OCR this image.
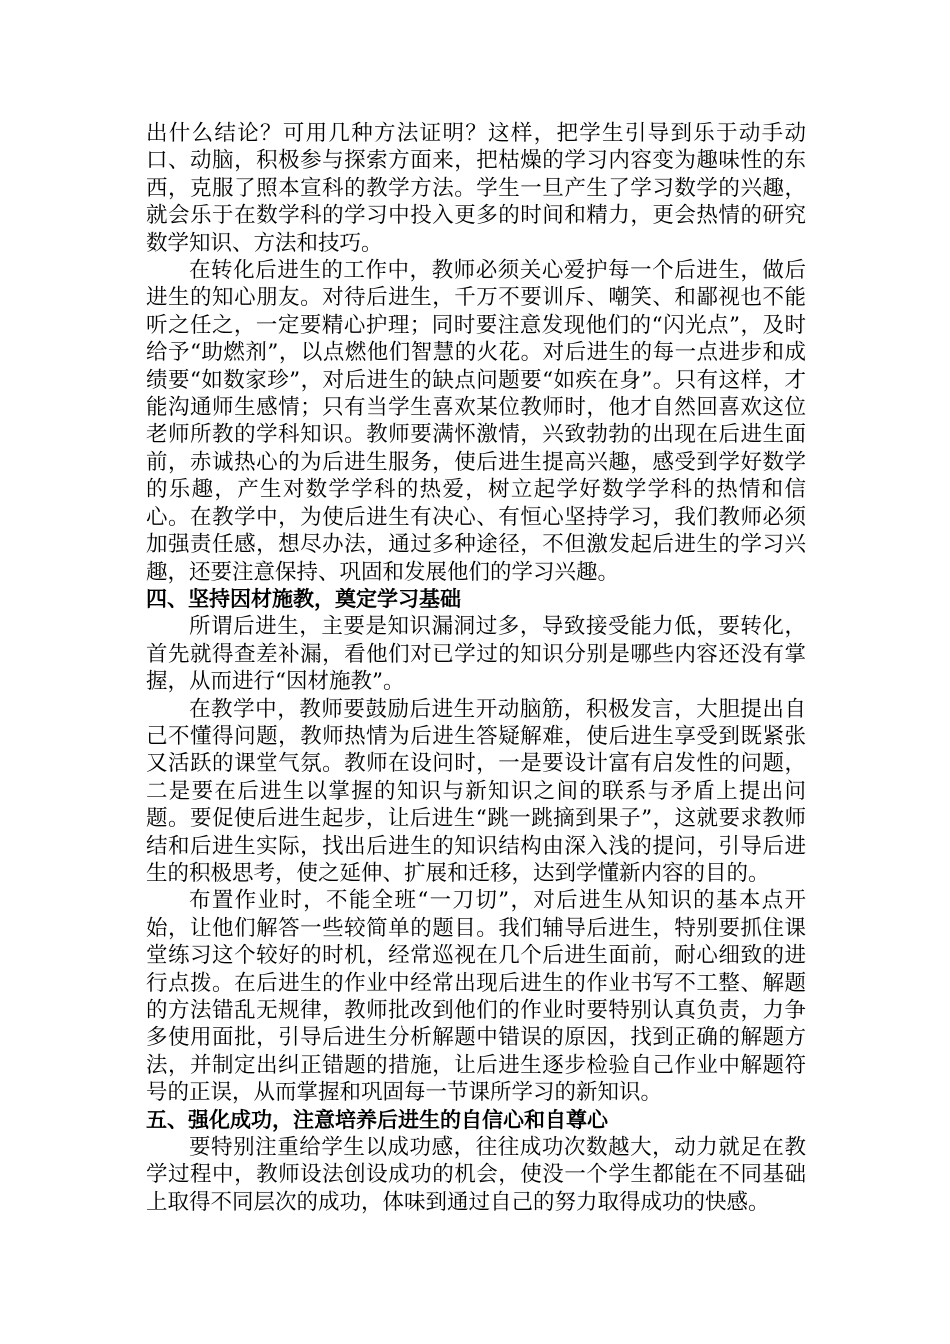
出什么结论？可用几种方法证明？这样，把学生引导到乐于动手动口、动脑，积极参与探索方面来，把枯燥的学习内容变为趣味性的东西，克服了照本宣科的教学方法。学生一旦产生了学习数学的兴趣，就会乐于在数学科的学习中投入更多的时间和精力，更会热情的研究数学知识、方法和技巧。

在转化后进生的工作中，教师必须关心爱护每一个后进生，做后进生的知心朋友。对待后进生，千万不要训斥、嘲笑、和鄙视也不能听之任之，一定要精心护理；同时要注意发现他们的“闪光点”，及时给予“助燃剂”，以点燃他们智慧的火花。对后进生的每一点进步和成绩要“如数家珍”，对后进生的缺点问题要“如疾在身”。只有这样，才能沟通师生感情；只有当学生喜欢某位教师时，他才自然回喜欢这位老师所教的学科知识。教师要满怀激情，兴致勃勃的出现在后进生面前，赤诚热心的为后进生服务，使后进生提高兴趣，感受到学好数学的乐趣，产生对数学学科的热爱，树立起学好数学学科的热情和信心。在教学中，为使后进生有决心、有恒心坚持学习，我们教师必须加强责任感，想尽办法，通过多种途径，不但激发起后进生的学习兴趣，还要注意保持、巩固和发展他们的学习兴趣。

四、坚持因材施教，奠定学习基础

所谓后进生，主要是知识漏洞过多，导致接受能力低，要转化，首先就得查差补漏，看他们对已学过的知识分别是哪些内容还没有掌握，从而进行“因材施教”。

在教学中，教师要鼓励后进生开动脑筋，积极发言，大胆提出自己不懂得问题，教师热情为后进生答疑解难，使后进生享受到既紧张又活跃的课堂气氛。教师在设问时，一是要设计富有启发性的问题，二是要在后进生以掌握的知识与新知识之间的联系与矛盾上提出问题。要促使后进生起步，让后进生“跳一跳摘到果子”，这就要求教师结和后进生实际，找出后进生的知识结构由深入浅的提问，引导后进生的积极思考，使之延伸、扩展和迁移，达到学懂新内容的目的。

布置作业时，不能全班“一刀切”，对后进生从知识的基本点开始，让他们解答一些较简单的题目。我们辅导后进生，特别要抓住课堂练习这个较好的时机，经常巡视在几个后进生面前，耐心细致的进行点拨。在后进生的作业中经常出现后进生的作业书写不工整、解题的方法错乱无规律，教师批改到他们的作业时要特别认真负责，力争多使用面批，引导后进生分析解题中错误的原因，找到正确的解题方法，并制定出纠正错题的措施，让后进生逐步检验自己作业中解题符号的正误，从而掌握和巩固每一节课所学习的新知识。

五、强化成功，注意培养后进生的自信心和自尊心

要特别注重给学生以成功感，往往成功次数越大，动力就足在教学过程中，教师设法创设成功的机会，使没一个学生都能在不同基础上取得不同层次的成功，体味到通过自己的努力取得成功的快感。
